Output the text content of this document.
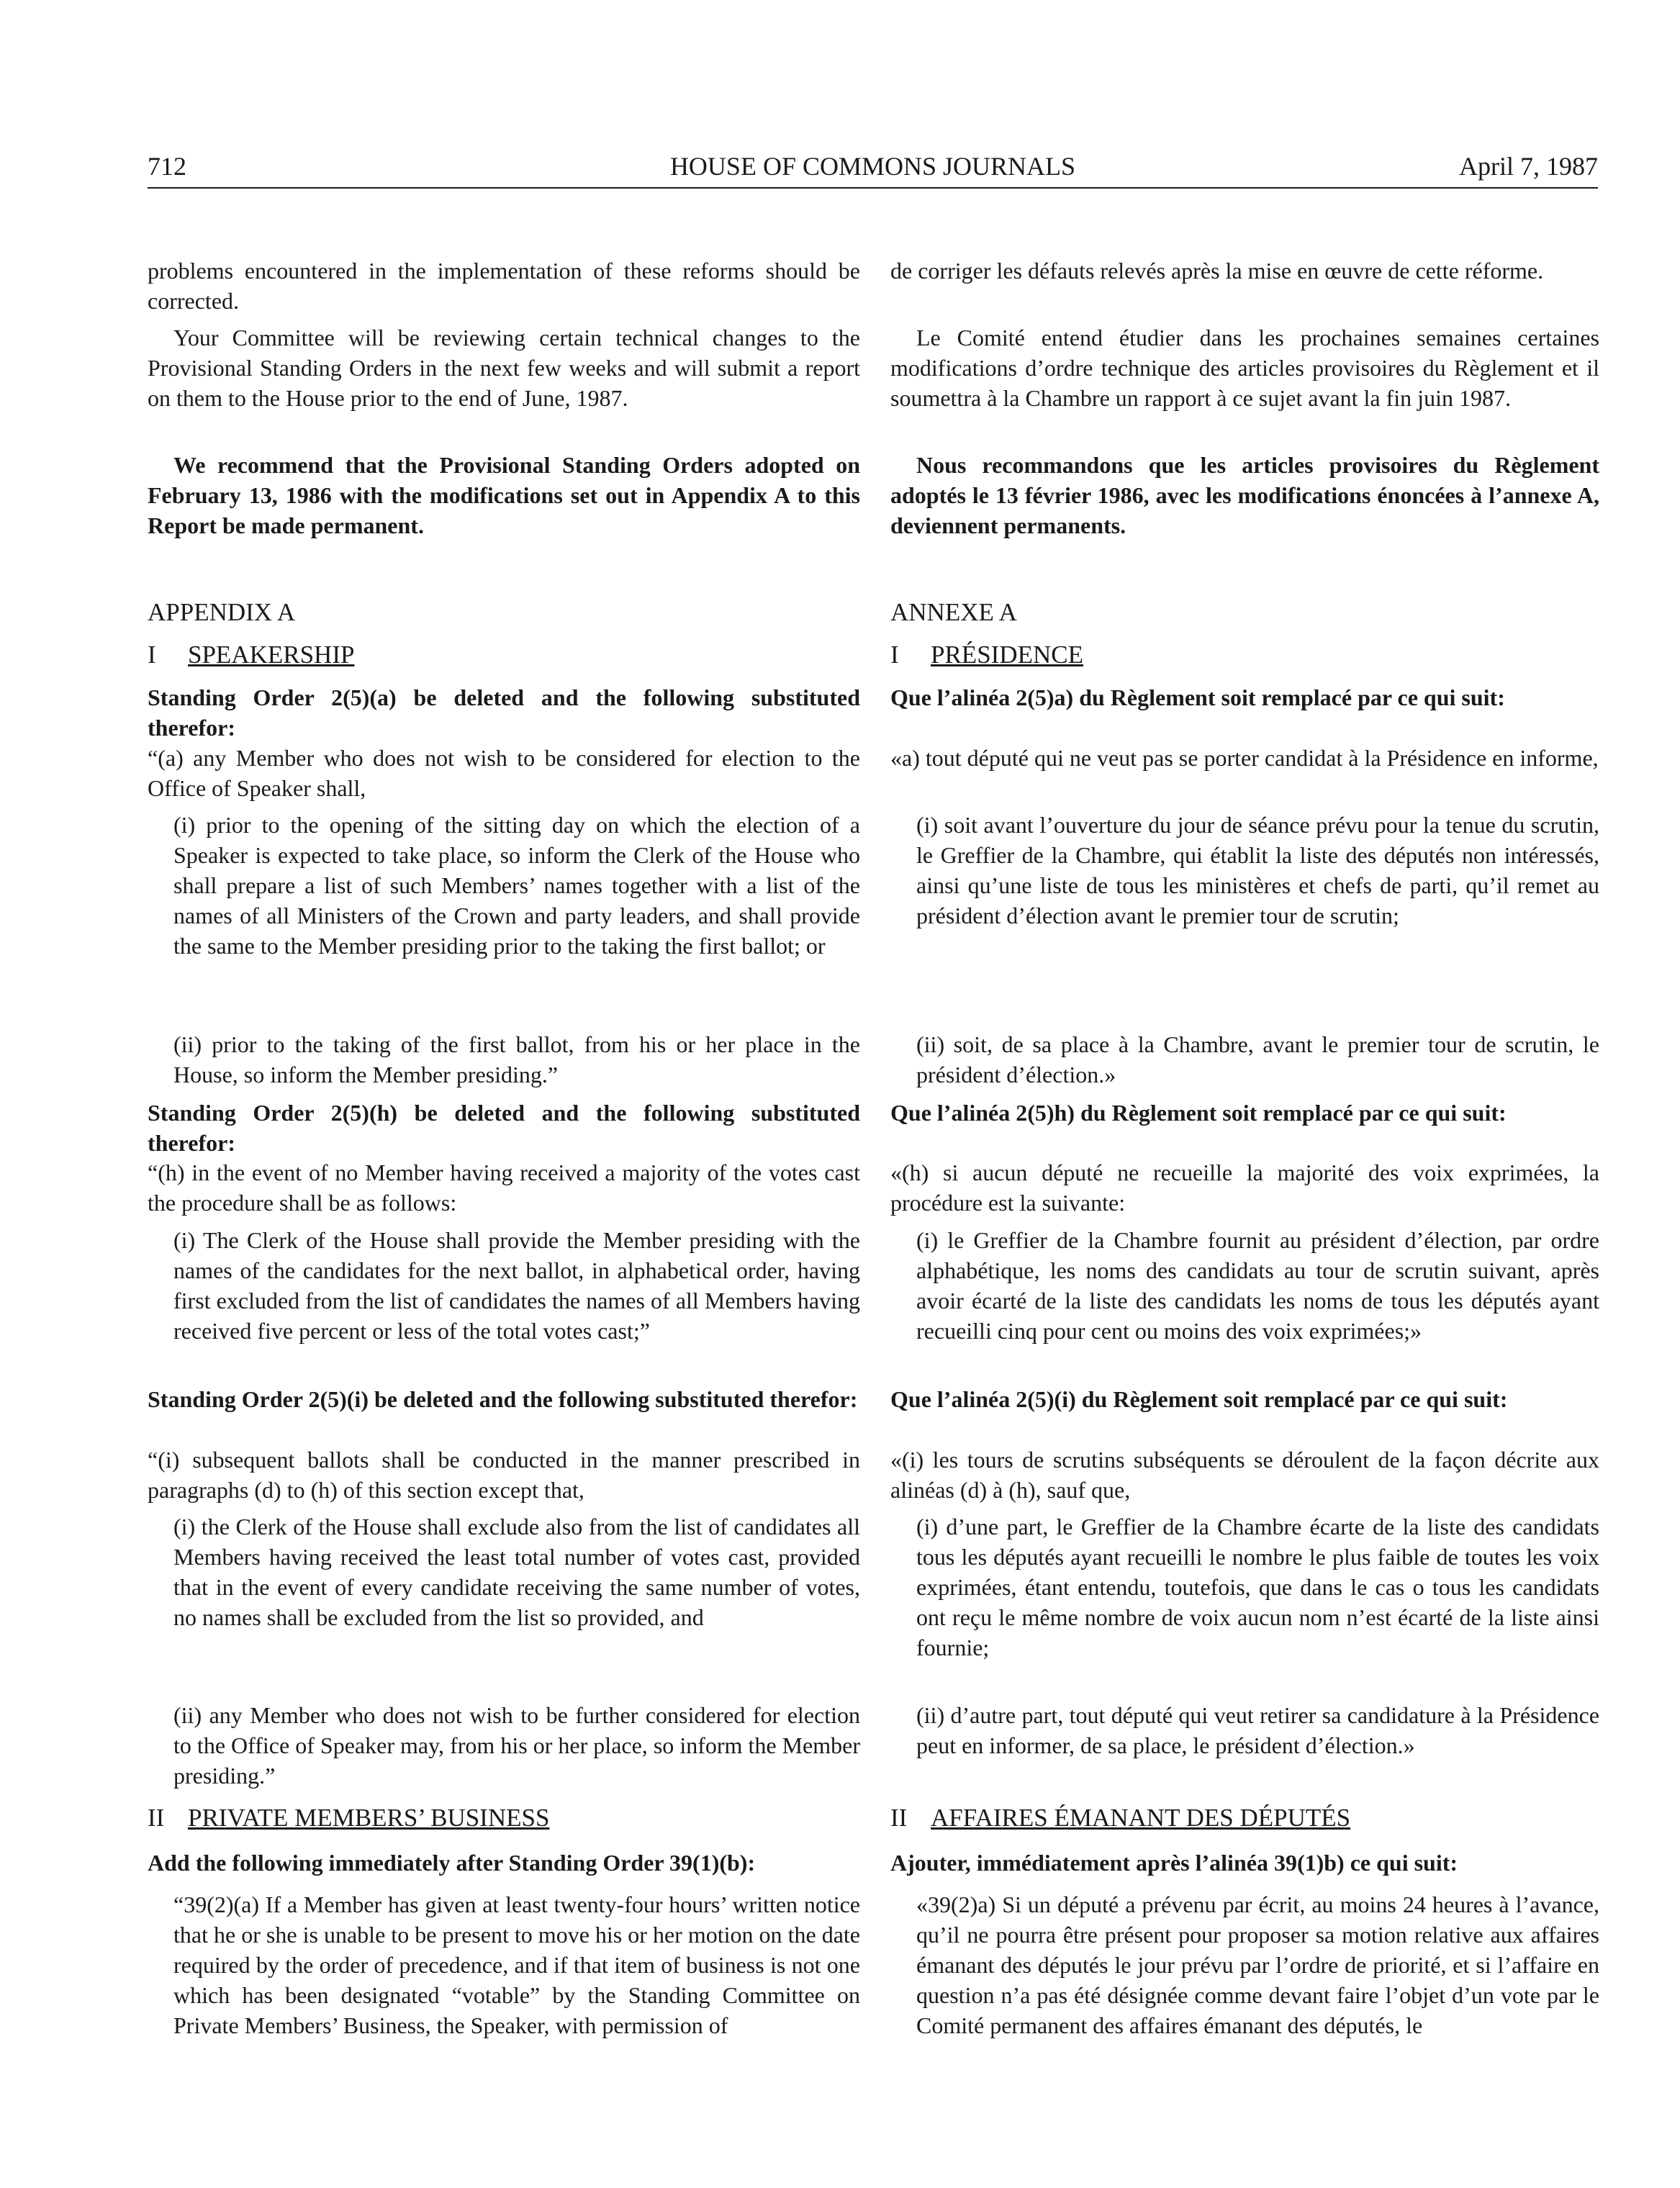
712	HOUSE OF COMMONS JOURNALS	April 7, 1987

problems encountered in the implementation of these reforms should be corrected.

Your Committee will be reviewing certain technical changes to the Provisional Standing Orders in the next few weeks and will submit a report on them to the House prior to the end of June, 1987.

We recommend that the Provisional Standing Orders adopted on February 13, 1986 with the modifications set out in Appendix A to this Report be made permanent.

APPENDIX A

I SPEAKERSHIP

Standing Order 2(5)(a) be deleted and the following substituted therefor:

“(a) any Member who does not wish to be considered for election to the Office of Speaker shall,

(i) prior to the opening of the sitting day on which the election of a Speaker is expected to take place, so inform the Clerk of the House who shall prepare a list of such Members’ names together with a list of the names of all Ministers of the Crown and party leaders, and shall provide the same to the Member presiding prior to the taking the first ballot; or

(ii) prior to the taking of the first ballot, from his or her place in the House, so inform the Member presiding.”

Standing Order 2(5)(h) be deleted and the following substituted therefor:

“(h) in the event of no Member having received a majority of the votes cast the procedure shall be as follows:

(i) The Clerk of the House shall provide the Member presiding with the names of the candidates for the next ballot, in alphabetical order, having first excluded from the list of candidates the names of all Members having received five percent or less of the total votes cast;”

Standing Order 2(5)(i) be deleted and the following substituted therefor:

“(i) subsequent ballots shall be conducted in the manner prescribed in paragraphs (d) to (h) of this section except that,

(i) the Clerk of the House shall exclude also from the list of candidates all Members having received the least total number of votes cast, provided that in the event of every candidate receiving the same number of votes, no names shall be excluded from the list so provided, and

(ii) any Member who does not wish to be further considered for election to the Office of Speaker may, from his or her place, so inform the Member presiding.”

II PRIVATE MEMBERS’ BUSINESS

Add the following immediately after Standing Order 39(1)(b):

“39(2)(a) If a Member has given at least twenty-four hours’ written notice that he or she is unable to be present to move his or her motion on the date required by the order of precedence, and if that item of business is not one which has been designated “votable” by the Standing Committee on Private Members’ Business, the Speaker, with permission of

de corriger les défauts relevés après la mise en œuvre de cette réforme.

Le Comité entend étudier dans les prochaines semaines certaines modifications d’ordre technique des articles provisoires du Règlement et il soumettra à la Chambre un rapport à ce sujet avant la fin juin 1987.

Nous recommandons que les articles provisoires du Règlement adoptés le 13 février 1986, avec les modifications énoncées à l’annexe A, deviennent permanents.

ANNEXE A

I PRÉSIDENCE

Que l’alinéa 2(5)a) du Règlement soit remplacé par ce qui suit:

«a) tout député qui ne veut pas se porter candidat à la Présidence en informe,

(i) soit avant l’ouverture du jour de séance prévu pour la tenue du scrutin, le Greffier de la Chambre, qui établit la liste des députés non intéressés, ainsi qu’une liste de tous les ministères et chefs de parti, qu’il remet au président d’élection avant le premier tour de scrutin;

(ii) soit, de sa place à la Chambre, avant le premier tour de scrutin, le président d’élection.»

Que l’alinéa 2(5)h) du Règlement soit remplacé par ce qui suit:

«(h) si aucun député ne recueille la majorité des voix exprimées, la procédure est la suivante:

(i) le Greffier de la Chambre fournit au président d’élection, par ordre alphabétique, les noms des candidats au tour de scrutin suivant, après avoir écarté de la liste des candidats les noms de tous les députés ayant recueilli cinq pour cent ou moins des voix exprimées;»

Que l’alinéa 2(5)(i) du Règlement soit remplacé par ce qui suit:

«(i) les tours de scrutins subséquents se déroulent de la façon décrite aux alinéas (d) à (h), sauf que,

(i) d’une part, le Greffier de la Chambre écarte de la liste des candidats tous les députés ayant recueilli le nombre le plus faible de toutes les voix exprimées, étant entendu, toutefois, que dans le cas o tous les candidats ont reçu le même nombre de voix aucun nom n’est écarté de la liste ainsi fournie;

(ii) d’autre part, tout député qui veut retirer sa candidature à la Présidence peut en informer, de sa place, le président d’élection.»

II AFFAIRES ÉMANANT DES DÉPUTÉS

Ajouter, immédiatement après l’alinéa 39(1)b) ce qui suit:

«39(2)a) Si un député a prévenu par écrit, au moins 24 heures à l’avance, qu’il ne pourra être présent pour proposer sa motion relative aux affaires émanant des députés le jour prévu par l’ordre de priorité, et si l’affaire en question n’a pas été désignée comme devant faire l’objet d’un vote par le Comité permanent des affaires émanant des députés, le
